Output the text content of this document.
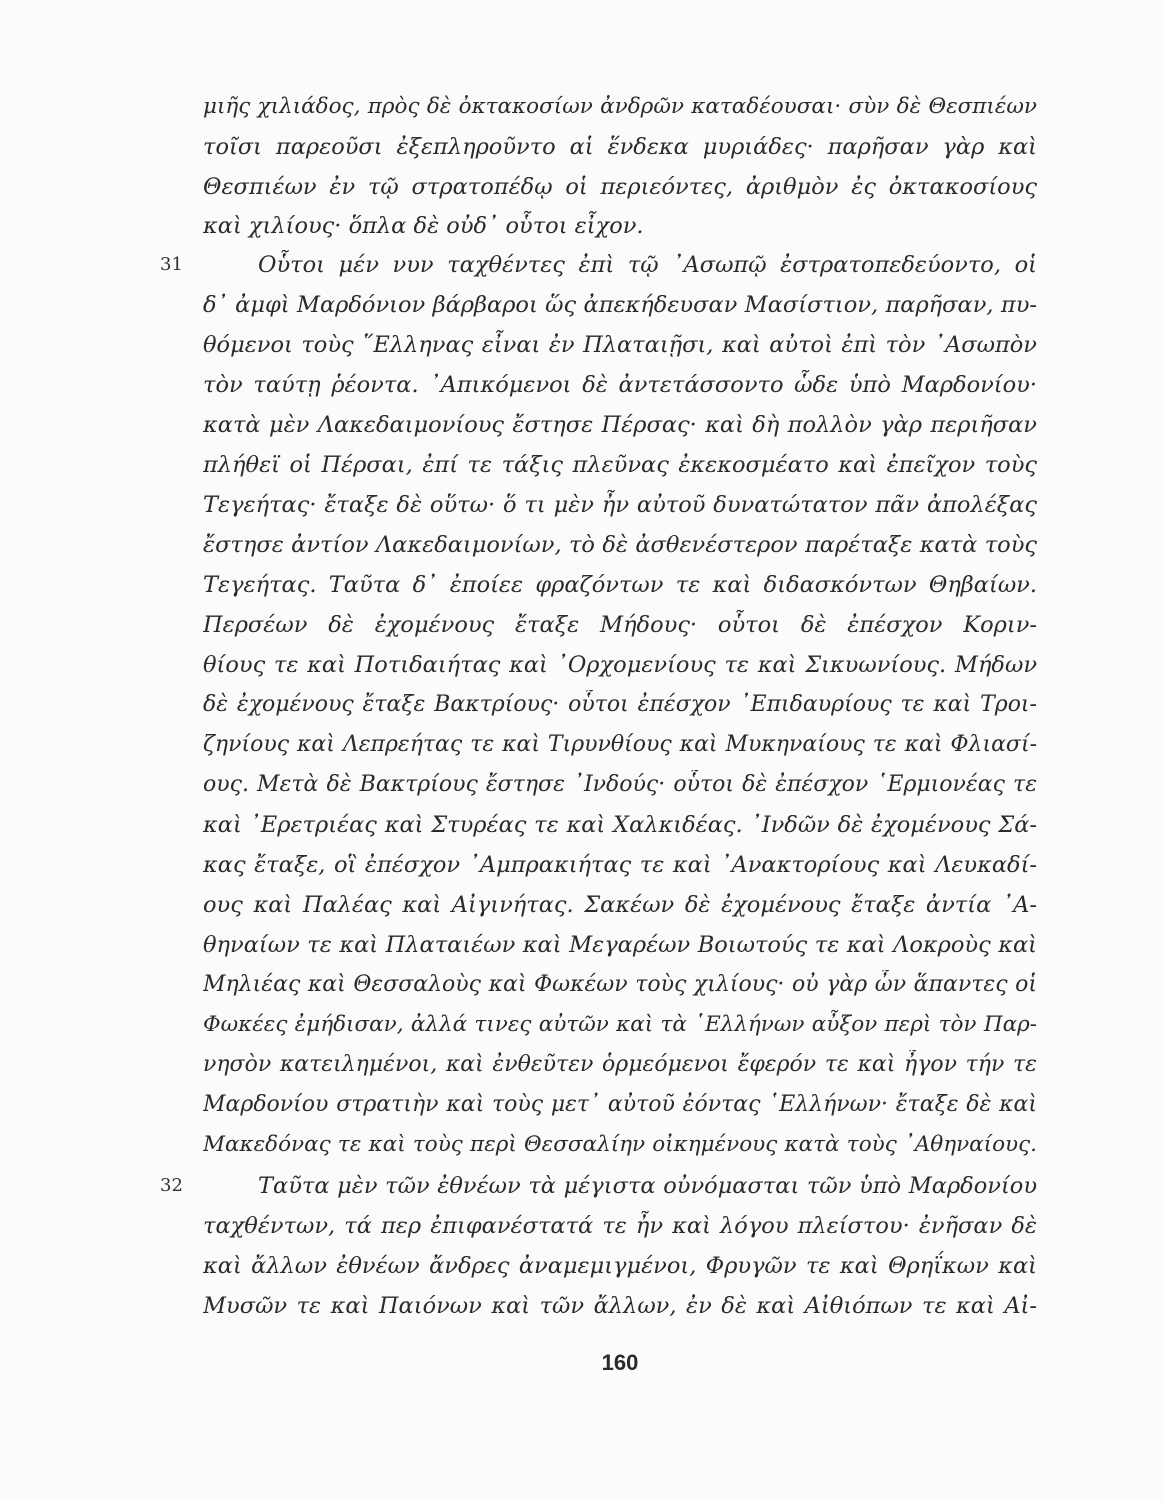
μιῆς χιλιάδος, πρὸς δὲ ὀκτακοσίων ἀνδρῶν καταδέουσαι· σὺν δὲ Θεσπιέων
τοῖσι παρεοῦσι ἐξεπληροῦντο αἱ ἕνδεκα μυριάδες· παρῆσαν γὰρ καὶ
Θεσπιέων ἐν τῷ στρατοπέδῳ οἱ περιεόντες, ἀριθμὸν ἐς ὀκτακοσίους
καὶ χιλίους· ὅπλα δὲ οὐδ᾽ οὗτοι εἶχον.
31	Οὗτοι μέν νυν ταχθέντες ἐπὶ τῷ ᾽Ασωπῷ ἐστρατοπεδεύοντο, οἱ
δ᾽ ἀμφὶ Μαρδόνιον βάρβαροι ὥς ἀπεκήδευσαν Μασίστιον, παρῆσαν, πυ-
θόμενοι τοὺς ῞Ελληνας εἶναι ἐν Πλαταιῇσι, καὶ αὐτοὶ ἐπὶ τὸν ᾽Ασωπὸν
τὸν ταύτῃ ῥέοντα. ᾽Απικόμενοι δὲ ἀντετάσσοντο ὧδε ὑπὸ Μαρδονίου·
κατὰ μὲν Λακεδαιμονίους ἔστησε Πέρσας· καὶ δὴ πολλὸν γὰρ περιῆσαν
πλήθεϊ οἱ Πέρσαι, ἐπί τε τάξις πλεῦνας ἐκεκοσμέατο καὶ ἐπεῖχον τοὺς
Τεγεήτας· ἔταξε δὲ οὕτω· ὅ τι μὲν ἦν αὐτοῦ δυνατώτατον πᾶν ἀπολέξας
ἔστησε ἀντίον Λακεδαιμονίων, τὸ δὲ ἀσθενέστερον παρέταξε κατὰ τοὺς
Τεγεήτας. Ταῦτα δ᾽ ἐποίεε φραζόντων τε καὶ διδασκόντων Θηβαίων.
Περσέων δὲ ἐχομένους ἔταξε Μήδους· οὗτοι δὲ ἐπέσχον Κοριν-
θίους τε καὶ Ποτιδαιήτας καὶ ᾽Ορχομενίους τε καὶ Σικυωνίους. Μήδων
δὲ ἐχομένους ἔταξε Βακτρίους· οὗτοι ἐπέσχον ᾽Επιδαυρίους τε καὶ Τροι-
ζηνίους καὶ Λεπρεήτας τε καὶ Τιρυνθίους καὶ Μυκηναίους τε καὶ Φλιασί-
ους. Μετὰ δὲ Βακτρίους ἔστησε ᾽Ινδούς· οὗτοι δὲ ἐπέσχον ῾Ερμιονέας τε
καὶ ᾽Ερετριέας καὶ Στυρέας τε καὶ Χαλκιδέας. ᾽Ινδῶν δὲ ἐχομένους Σά-
κας ἔταξε, οἳ ἐπέσχον ᾽Αμπρακιήτας τε καὶ ᾽Ανακτορίους καὶ Λευκαδί-
ους καὶ Παλέας καὶ Αἰγινήτας. Σακέων δὲ ἐχομένους ἔταξε ἀντία ᾽Α-
θηναίων τε καὶ Πλαταιέων καὶ Μεγαρέων Βοιωτούς τε καὶ Λοκροὺς καὶ
Μηλιέας καὶ Θεσσαλοὺς καὶ Φωκέων τοὺς χιλίους· οὐ γὰρ ὦν ἅπαντες οἱ
Φωκέες ἐμήδισαν, ἀλλά τινες αὐτῶν καὶ τὰ ῾Ελλήνων αὖξον περὶ τὸν Παρ-
νησὸν κατειλημένοι, καὶ ἐνθεῦτεν ὁρμεόμενοι ἔφερόν τε καὶ ἦγον τήν τε
Μαρδονίου στρατιὴν καὶ τοὺς μετ᾽ αὐτοῦ ἐόντας ῾Ελλήνων· ἔταξε δὲ καὶ
Μακεδόνας τε καὶ τοὺς περὶ Θεσσαλίην οἰκημένους κατὰ τοὺς ᾽Αθηναίους.
32	Ταῦτα μὲν τῶν ἐθνέων τὰ μέγιστα οὐνόμασται τῶν ὑπὸ Μαρδονίου
ταχθέντων, τά περ ἐπιφανέστατά τε ἦν καὶ λόγου πλείστου· ἐνῆσαν δὲ
καὶ ἄλλων ἐθνέων ἄνδρες ἀναμεμιγμένοι, Φρυγῶν τε καὶ Θρηΐκων καὶ
Μυσῶν τε καὶ Παιόνων καὶ τῶν ἄλλων, ἐν δὲ καὶ Αἰθιόπων τε καὶ Αἰ-
160
